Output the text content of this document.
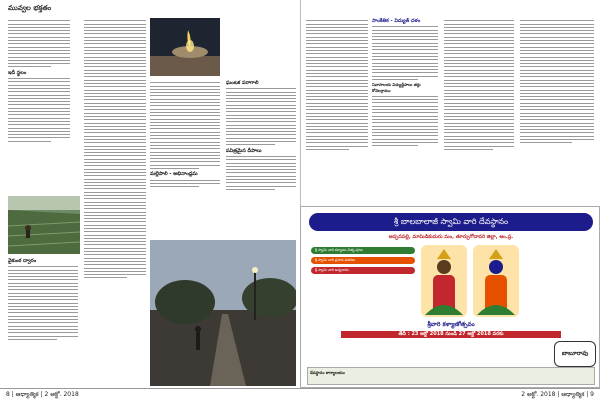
మువ్వల భక్తతం
ఇదీ స్థలం
వైకుంఠ ద్వారం
మల్లెపాలి - అభినాంధ్రమ
ఘంటక పరాగాలి
పవిత్రమైన దీపాలు
సాంకేతిక - విద్యుత్ దళం
నివాసాలయ విద్యుద్దీపాలు తర్లు కోవెలగ్రామం
శ్రీ బాలబాలాజీ స్వామి వారి దేవస్థానం
అప్పనపల్లి, మామిడికుదురు మం, తూర్పుగోదావరి జిల్లా, ఆం.ప్ర.
శ్రీ స్వామి వారి కళ్యాణం నిత్య పూజ
శ్రీ స్వామి వారి ప్రసాద వితరణ
శ్రీ స్వామి వారి అన్నదానం
శ్రీవారి కళ్యాణోత్సవం
తేదీ : 23 అక్టో 2018 నుండి 27 అక్టో 2018 వరకు
బాబూరావు
దేవస్థానం కార్యాలయం
8 | ఆధ్యాత్మిక | 2 అక్టో. 2018	2 అక్టో. 2018 | ఆధ్యాత్మిక | 9
